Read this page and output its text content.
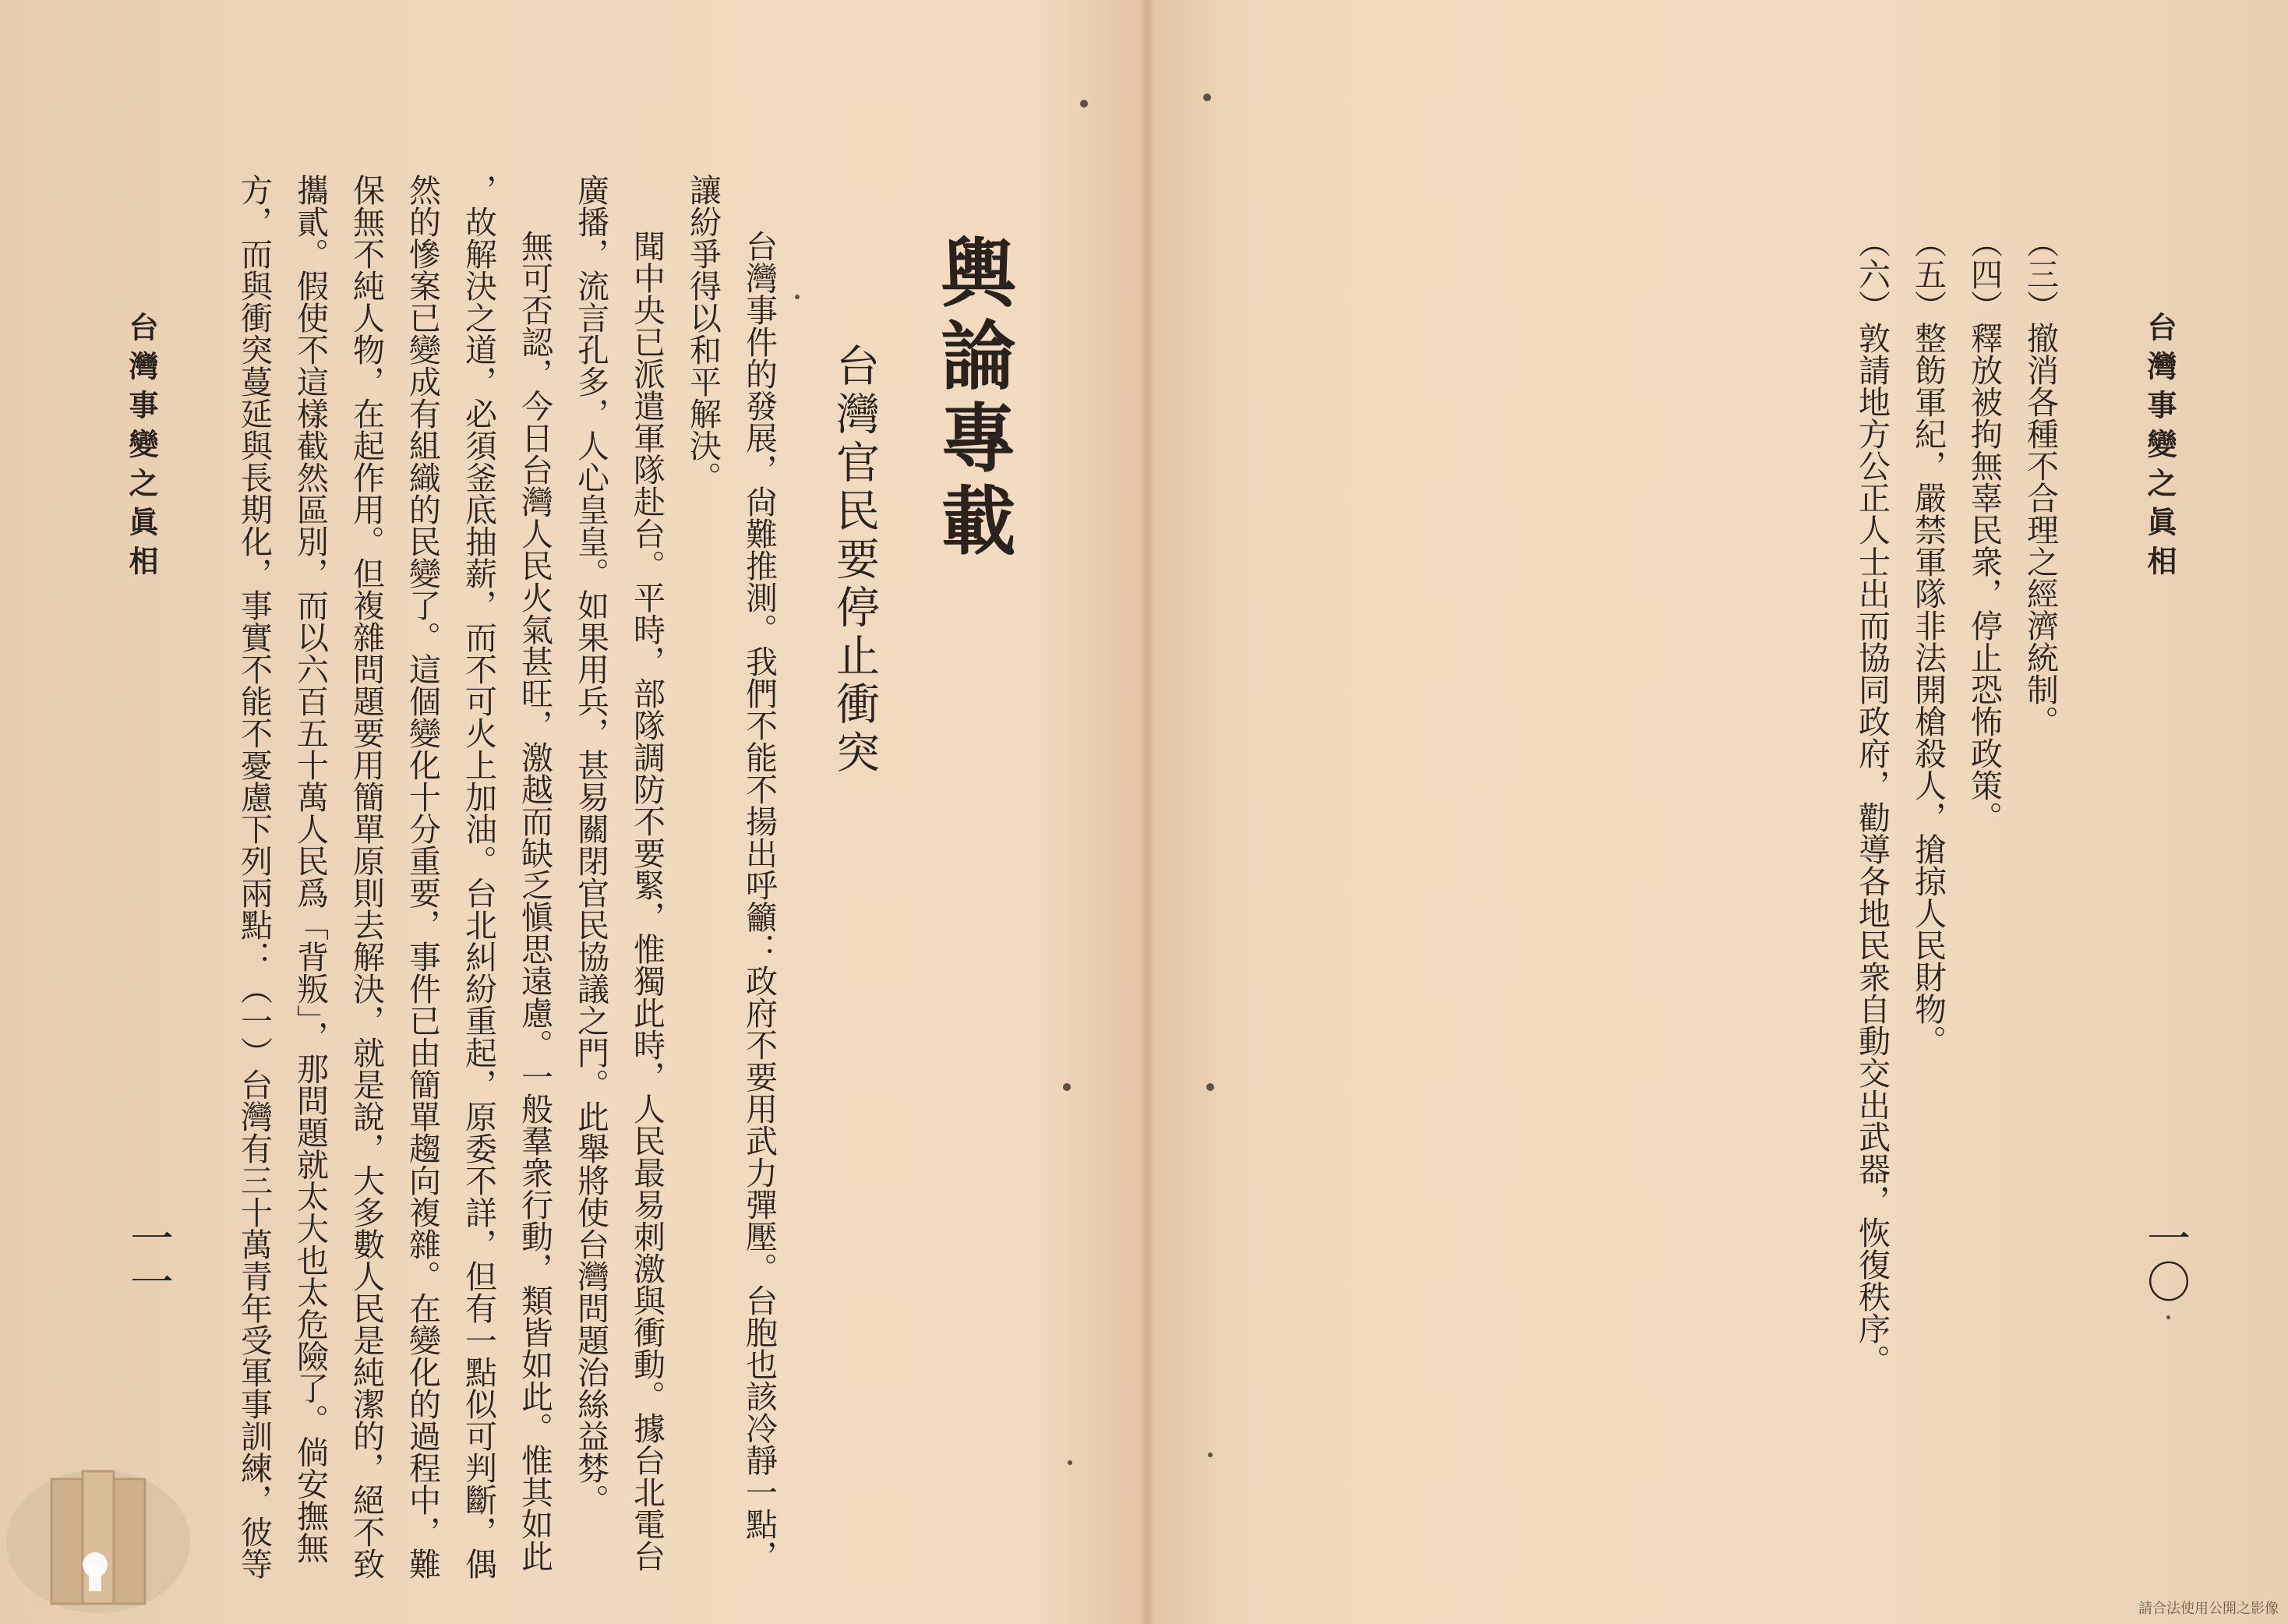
台灣事件的發展，尙難推測。我們不能不揚出呼籲：政府不要用武力彈壓。台胞也該冷靜一點，
讓紛爭得以和平解決。
聞中央已派遣軍隊赴台。平時，部隊調防不要緊，惟獨此時，人民最易刺激與衝動。據台北電台
廣播，流言孔多，人心皇皇。如果用兵，甚易關閉官民協議之門。此舉將使台灣問題治絲益棼。
無可否認，今日台灣人民火氣甚旺，激越而缺乏愼思遠慮。一般羣衆行動，類皆如此。惟其如此
，故解決之道，必須釜底抽薪，而不可火上加油。台北糾紛重起，原委不詳，但有一點似可判斷，偶
然的慘案已變成有組織的民變了。這個變化十分重要，事件已由簡單趨向複雜。在變化的過程中，難
保無不純人物，在起作用。但複雜問題要用簡單原則去解決，就是說，大多數人民是純潔的，絕不致
攜貳。假使不這樣截然區別，而以六百五十萬人民爲「背叛」，那問題就太大也太危險了。倘安撫無
方，而與衝突蔓延與長期化，事實不能不憂慮下列兩點：（一）台灣有三十萬青年受軍事訓練，彼等	輿論專載
台灣官民要停止衝突
台灣事變之眞相
一一
（三）撤消各種不合理之經濟統制。
（四）釋放被拘無辜民衆，停止恐怖政策。
（五）整飭軍紀，嚴禁軍隊非法開槍殺人，搶掠人民財物。
（六）敦請地方公正人士出而協同政府，勸導各地民衆自動交出武器，恢復秩序。	台灣事變之眞相
一〇
請合法使用公開之影像
